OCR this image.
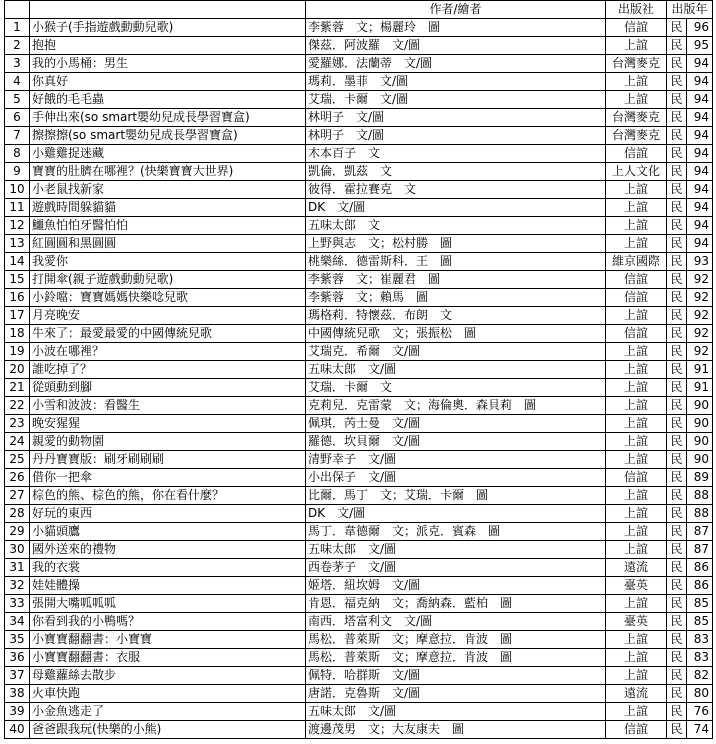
		作者/繪者	出版社	出版年	
1	小猴子(手指遊戲動動兒歌)	李紫蓉　文；楊麗玲　圖	信誼	民	96
2	抱抱	傑茲．阿波羅　文/圖	上誼	民	95
3	我的小馬桶：男生	愛羅娜．法蘭蒂　文/圖	台灣麥克	民	94
4	你真好	瑪莉．墨菲　文/圖	上誼	民	94
5	好餓的毛毛蟲	艾瑞．卡爾　文/圖	上誼	民	94
6	手伸出來(so smart嬰幼兒成長學習寶盒)	林明子　文/圖	台灣麥克	民	94
7	擦擦擦(so smart嬰幼兒成長學習寶盒)	林明子　文/圖	台灣麥克	民	94
8	小雞雞捉迷藏	木本百子　文	信誼	民	94
9	寶寶的肚臍在哪裡？(快樂寶寶大世界)	凱倫．凱茲　文	上人文化	民	94
10	小老鼠找新家	彼得．霍拉賽克　文	上誼	民	94
11	遊戲時間躲貓貓	DK　文/圖	上誼	民	94
12	鱷魚怕怕牙醫怕怕	五味太郎　文	上誼	民	94
13	紅圓圓和黑圓圓	上野與志　文；松村勝　圖	上誼	民	94
14	我愛你	桃樂絲．德雷斯科．王　圖	維京國際	民	93
15	打開傘(親子遊戲動動兒歌)	李紫蓉　文；崔麗君　圖	信誼	民	92
16	小鈴噹：寶寶媽媽快樂唸兒歌	李紫蓉　文；賴馬　圖	信誼	民	92
17	月亮晚安	瑪格莉．特懷茲．布朗　文	上誼	民	92
18	牛來了：最愛最愛的中國傳統兒歌	中國傳統兒歌　文；張振松　圖	信誼	民	92
19	小波在哪裡？	艾瑞克．希爾　文/圖	上誼	民	92
20	誰吃掉了？	五味太郎　文/圖	上誼	民	91
21	從頭動到腳	艾瑞．卡爾　文	上誼	民	91
22	小雪和波波：看醫生	克莉兒．克雷蒙　文；海倫奧．森貝莉　圖	上誼	民	90
23	晚安猩猩	佩琪．芮士曼　文/圖	上誼	民	90
24	親愛的動物園	羅德．坎貝爾　文/圖	上誼	民	90
25	丹丹寶寶版：刷牙刷刷刷	清野幸子　文/圖	上誼	民	90
26	借你一把傘	小出保子　文/圖	信誼	民	89
27	棕色的熊、棕色的熊，你在看什麼？	比爾．馬丁　文；艾瑞．卡爾　圖	上誼	民	88
28	好玩的東西	DK　文/圖	上誼	民	88
29	小貓頭鷹	馬丁．韋德爾　文；派克．賓森　圖	上誼	民	87
30	國外送來的禮物	五味太郎　文/圖	上誼	民	87
31	我的衣裳	西卷茅子　文/圖	遠流	民	86
32	娃娃體操	姬塔．紐坎姆　文/圖	臺英	民	86
33	張開大嘴呱呱呱	肯恩．福克納　文；喬納森．藍柏　圖	上誼	民	85
34	你看到我的小鴨嗎？	南西．塔富利文　文/圖	臺英	民	85
35	小寶寶翻翻書：小寶寶	馬松．普萊斯　文；摩意拉．肯波　圖	上誼	民	83
36	小寶寶翻翻書：衣服	馬松．普萊斯　文；摩意拉．肯波　圖	上誼	民	83
37	母雞蘿絲去散步	佩特．哈群斯　文/圖	上誼	民	82
38	火車快跑	唐諾．克魯斯　文/圖	遠流	民	80
39	小金魚逃走了	五味太郎　文/圖	上誼	民	76
40	爸爸跟我玩(快樂的小熊)	渡邊茂男　文；大友康夫　圖	信誼	民	74
